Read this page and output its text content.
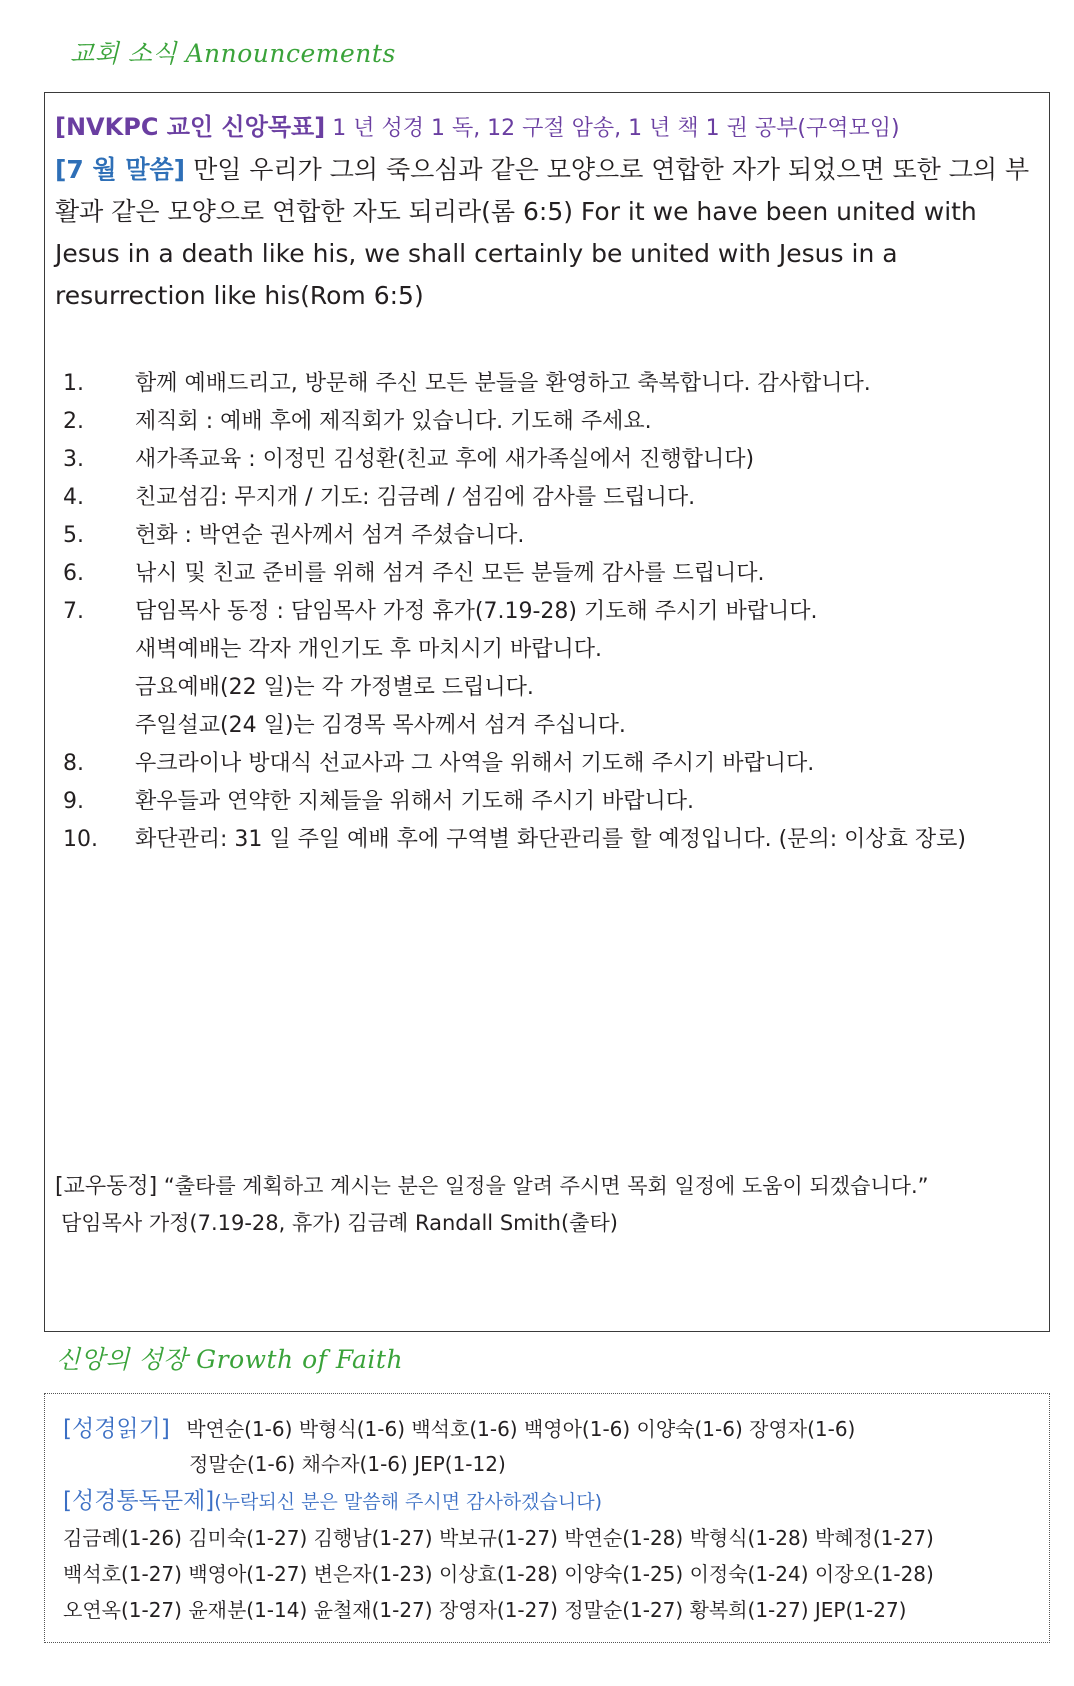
교회 소식 Announcements
[NVKPC 교인 신앙목표] 1 년 성경 1 독, 12 구절 암송, 1 년 책 1 권 공부(구역모임)
[7 월 말씀] 만일 우리가 그의 죽으심과 같은 모양으로 연합한 자가 되었으면 또한 그의 부활과 같은 모양으로 연합한 자도 되리라(롬 6:5) For it we have been united with Jesus in a death like his, we shall certainly be united with Jesus in a resurrection like his(Rom 6:5)
1.	함께 예배드리고, 방문해 주신 모든 분들을 환영하고 축복합니다. 감사합니다.
2.	제직회 : 예배 후에 제직회가 있습니다. 기도해 주세요.
3.	새가족교육 : 이정민 김성환(친교 후에 새가족실에서 진행합니다)
4.	친교섬김: 무지개 / 기도: 김금례 / 섬김에 감사를 드립니다.
5.	헌화 : 박연순 권사께서 섬겨 주셨습니다.
6.	낚시 및 친교 준비를 위해 섬겨 주신 모든 분들께 감사를 드립니다.
7.	담임목사 동정 : 담임목사 가정 휴가(7.19-28) 기도해 주시기 바랍니다.
새벽예배는 각자 개인기도 후 마치시기 바랍니다.
금요예배(22 일)는 각 가정별로 드립니다.
주일설교(24 일)는 김경목 목사께서 섬겨 주십니다.
8.	우크라이나 방대식 선교사과 그 사역을 위해서 기도해 주시기 바랍니다.
9.	환우들과 연약한 지체들을 위해서 기도해 주시기 바랍니다.
10.	화단관리: 31 일 주일 예배 후에 구역별 화단관리를 할 예정입니다. (문의: 이상효 장로)
[교우동정] “출타를 계획하고 계시는 분은 일정을 알려 주시면 목회 일정에 도움이 되겠습니다.”
담임목사 가정(7.19-28, 휴가) 김금례 Randall Smith(출타)
신앙의 성장 Growth of Faith
[성경읽기] 박연순(1-6) 박형식(1-6) 백석호(1-6) 백영아(1-6) 이양숙(1-6) 장영자(1-6)
정말순(1-6) 채수자(1-6) JEP(1-12)
[성경통독문제](누락되신 분은 말씀해 주시면 감사하겠습니다)
김금례(1-26) 김미숙(1-27) 김행남(1-27) 박보규(1-27) 박연순(1-28) 박형식(1-28) 박혜정(1-27)
백석호(1-27) 백영아(1-27) 변은자(1-23) 이상효(1-28) 이양숙(1-25) 이정숙(1-24) 이장오(1-28)
오연옥(1-27) 윤재분(1-14) 윤철재(1-27) 장영자(1-27) 정말순(1-27) 황복희(1-27) JEP(1-27)
